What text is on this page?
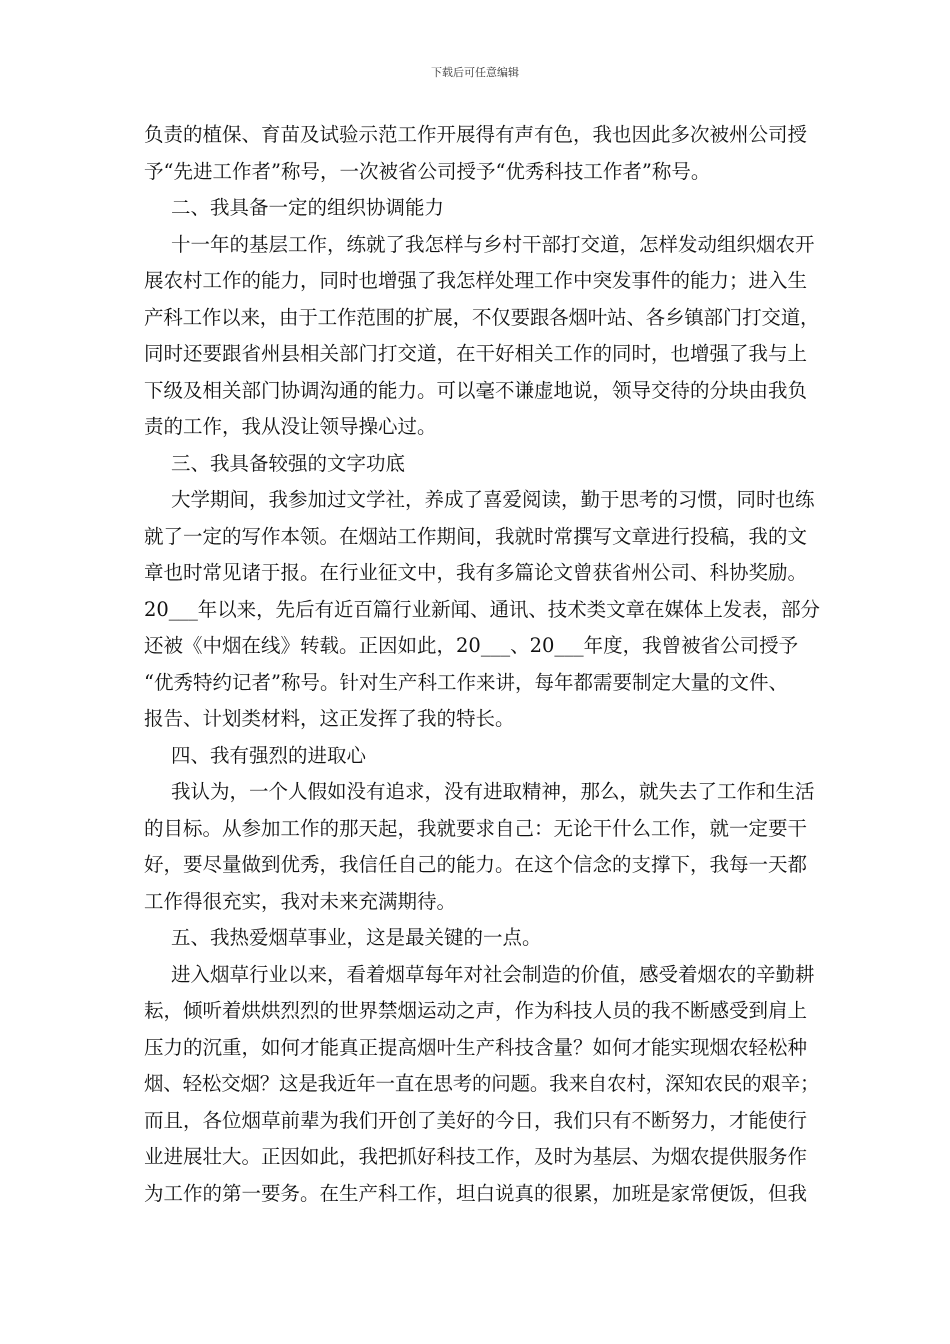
下载后可任意编辑
负责的植保、育苗及试验示范工作开展得有声有色，我也因此多次被州公司授
予“先进工作者”称号，一次被省公司授予“优秀科技工作者”称号。
二、我具备一定的组织协调能力
十一年的基层工作，练就了我怎样与乡村干部打交道，怎样发动组织烟农开
展农村工作的能力，同时也增强了我怎样处理工作中突发事件的能力；进入生
产科工作以来，由于工作范围的扩展，不仅要跟各烟叶站、各乡镇部门打交道，
同时还要跟省州县相关部门打交道，在干好相关工作的同时，也增强了我与上
下级及相关部门协调沟通的能力。可以毫不谦虚地说，领导交待的分块由我负
责的工作，我从没让领导操心过。
三、我具备较强的文字功底
大学期间，我参加过文学社，养成了喜爱阅读，勤于思考的习惯，同时也练
就了一定的写作本领。在烟站工作期间，我就时常撰写文章进行投稿，我的文
章也时常见诸于报。在行业征文中，我有多篇论文曾获省州公司、科协奖励。
20___年以来，先后有近百篇行业新闻、通讯、技术类文章在媒体上发表，部分
还被《中烟在线》转载。正因如此，20___、20___年度，我曾被省公司授予
“优秀特约记者”称号。针对生产科工作来讲，每年都需要制定大量的文件、
报告、计划类材料，这正发挥了我的特长。
四、我有强烈的进取心
我认为，一个人假如没有追求，没有进取精神，那么，就失去了工作和生活
的目标。从参加工作的那天起，我就要求自己：无论干什么工作，就一定要干
好，要尽量做到优秀，我信任自己的能力。在这个信念的支撑下，我每一天都
工作得很充实，我对未来充满期待。
五、我热爱烟草事业，这是最关键的一点。
进入烟草行业以来，看着烟草每年对社会制造的价值，感受着烟农的辛勤耕
耘，倾听着烘烘烈烈的世界禁烟运动之声，作为科技人员的我不断感受到肩上
压力的沉重，如何才能真正提高烟叶生产科技含量？如何才能实现烟农轻松种
烟、轻松交烟？这是我近年一直在思考的问题。我来自农村，深知农民的艰辛；
而且，各位烟草前辈为我们开创了美好的今日，我们只有不断努力，才能使行
业进展壮大。正因如此，我把抓好科技工作，及时为基层、为烟农提供服务作
为工作的第一要务。在生产科工作，坦白说真的很累，加班是家常便饭，但我
